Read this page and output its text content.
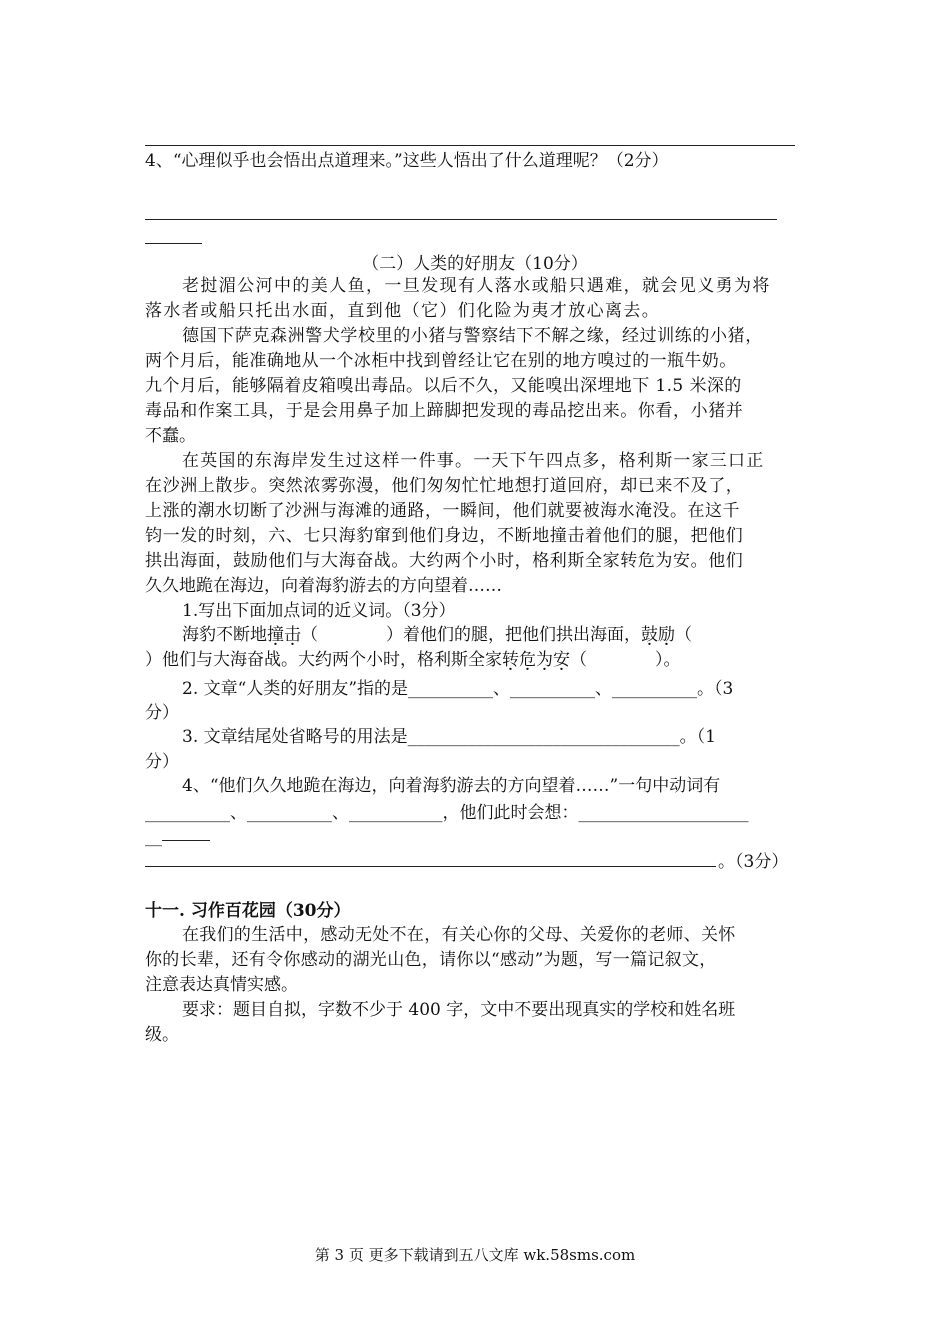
4、“心理似乎也会悟出点道理来。”这些人悟出了什么道理呢？（2分）
（二）人类的好朋友（10分）
老挝湄公河中的美人鱼，一旦发现有人落水或船只遇难，就会见义勇为将
落水者或船只托出水面，直到他（它）们化险为夷才放心离去。
德国下萨克森洲警犬学校里的小猪与警察结下不解之缘，经过训练的小猪，
两个月后，能准确地从一个冰柜中找到曾经让它在别的地方嗅过的一瓶牛奶。
九个月后，能够隔着皮箱嗅出毒品。以后不久，又能嗅出深埋地下 1.5 米深的
毒品和作案工具，于是会用鼻子加上蹄脚把发现的毒品挖出来。你看，小猪并
不蠢。
在英国的东海岸发生过这样一件事。一天下午四点多，格利斯一家三口正
在沙洲上散步。突然浓雾弥漫，他们匆匆忙忙地想打道回府，却已来不及了，
上涨的潮水切断了沙洲与海滩的通路，一瞬间，他们就要被海水淹没。在这千
钧一发的时刻，六、七只海豹窜到他们身边，不断地撞击着他们的腿，把他们
拱出海面，鼓励他们与大海奋战。大约两个小时，格利斯全家转危为安。他们
久久地跪在海边，向着海豹游去的方向望着……
1.写出下面加点词的近义词。（3分）
海豹不断地撞击（　　　　）着他们的腿，把他们拱出海面，鼓励（
）他们与大海奋战。大约两个小时，格利斯全家转危为安（　　　　）。
2. 文章“人类的好朋友”指的是__________、__________、__________。（3
分）
3. 文章结尾处省略号的用法是________________________________。（1
分）
4、“他们久久地跪在海边，向着海豹游去的方向望着……”一句中动词有
__________、__________、___________，他们此时会想：____________________
__
。（3分）
十一. 习作百花园（30分）
在我们的生活中，感动无处不在，有关心你的父母、关爱你的老师、关怀
你的长辈，还有令你感动的湖光山色，请你以“感动”为题，写一篇记叙文，
注意表达真情实感。
要求：题目自拟，字数不少于 400 字，文中不要出现真实的学校和姓名班
级。
第 3 页 更多下载请到五八文库 wk.58sms.com
